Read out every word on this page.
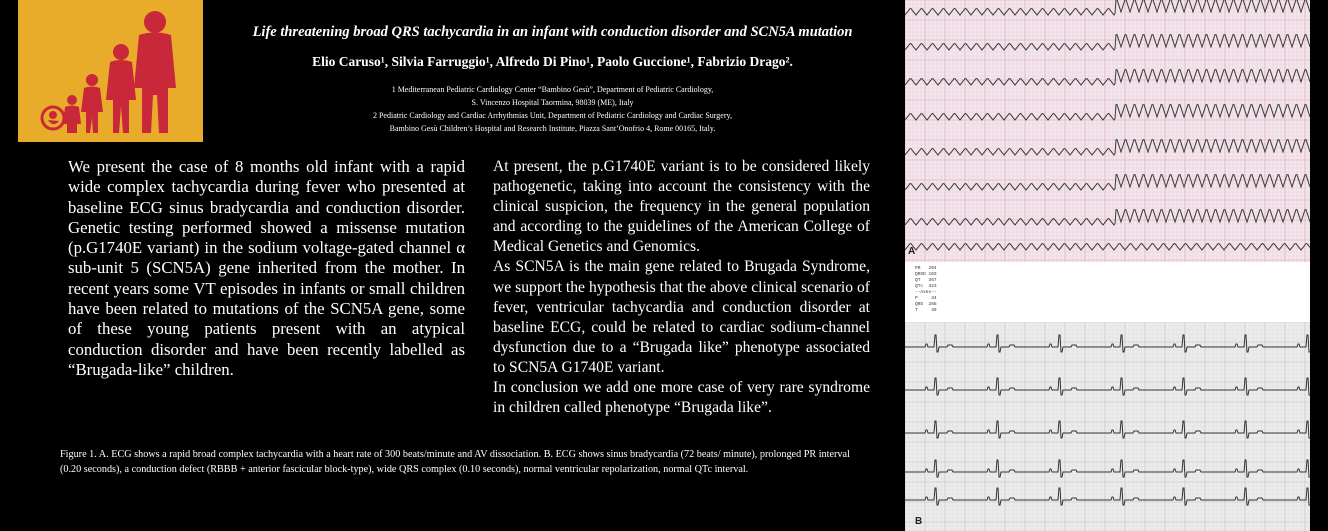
Life threatening broad QRS tachycardia in an infant with conduction disorder and SCN5A mutation
Elio Caruso¹, Silvia Farruggio¹, Alfredo Di Pino¹, Paolo Guccione¹, Fabrizio Drago².
1 Mediterranean Pediatric Cardiology Center “Bambino Gesù”, Department of Pediatric Cardiology,
S. Vincenzo Hospital Taormina, 98039 (ME), Italy
2 Pediatric Cardiology and Cardiac Arrhythmias Unit, Department of Pediatric Cardiology and Cardiac Surgery,
Bambino Gesù Children’s Hospital and Research Institute, Piazza Sant’Onofrio 4, Rome 00165, Italy.

We present the case of 8 months old infant with a rapid wide complex tachycardia during fever who presented at baseline ECG sinus bradycardia and conduction disorder. Genetic testing performed showed a missense mutation (p.G1740E variant) in the sodium voltage-gated channel α sub-unit 5 (SCN5A) gene inherited from the mother. In recent years some VT episodes in infants or small children have been related to mutations of the SCN5A gene, some of these young patients present with an atypical conduction disorder and have been recently labelled as “Brugada-like” children.

At present, the p.G1740E variant is to be considered likely pathogenetic, taking into account the consistency with the clinical suspicion, the frequency in the general population and according to the guidelines of the American College of Medical Genetics and Genomics.

As SCN5A is the main gene related to Brugada Syndrome, we support the hypothesis that the above clinical scenario of fever, ventricular tachycardia and conduction disorder at baseline ECG, could be related to cardiac sodium-channel dysfunction due to a “Brugada like” phenotype associated to SCN5A G1740E variant.

In conclusion we add one more case of very rare syndrome in children called phenotype “Brugada like”.

Figure 1. A. ECG shows a rapid broad complex tachycardia with a heart rate of 300 beats/minute and AV dissociation. B. ECG shows sinus bradycardia (72 beats/ minute), prolonged PR interval (0.20 seconds), a conduction defect (RBBB + anterior fascicular block-type), wide QRS complex (0.10 seconds), normal ventricular repolarization, normal QTc interval.
A
PR   204
QRSD 103
QT   367
QTc  423
--Axes--
P     34
QRS  268
T     49
B
